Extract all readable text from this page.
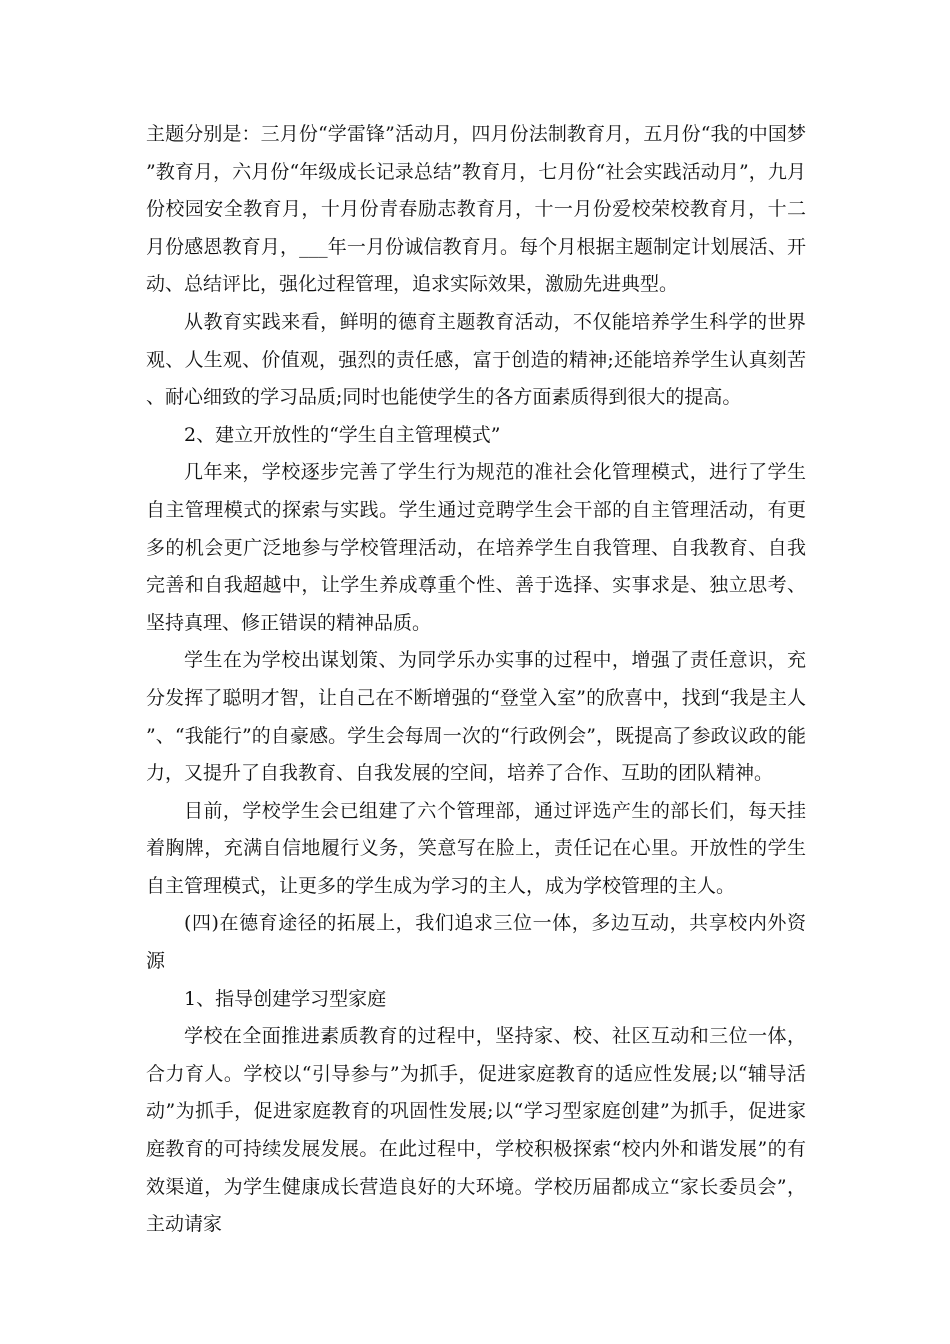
主题分别是：三月份“学雷锋”活动月，四月份法制教育月，五月份“我的中国梦”教育月，六月份“年级成长记录总结”教育月，七月份“社会实践活动月”，九月份校园安全教育月，十月份青春励志教育月，十一月份爱校荣校教育月，十二月份感恩教育月，___年一月份诚信教育月。每个月根据主题制定计划展活、开动、总结评比，强化过程管理，追求实际效果，激励先进典型。

从教育实践来看，鲜明的德育主题教育活动，不仅能培养学生科学的世界观、人生观、价值观，强烈的责任感，富于创造的精神;还能培养学生认真刻苦、耐心细致的学习品质;同时也能使学生的各方面素质得到很大的提高。

2、建立开放性的“学生自主管理模式”

几年来，学校逐步完善了学生行为规范的准社会化管理模式，进行了学生自主管理模式的探索与实践。学生通过竞聘学生会干部的自主管理活动，有更多的机会更广泛地参与学校管理活动，在培养学生自我管理、自我教育、自我完善和自我超越中，让学生养成尊重个性、善于选择、实事求是、独立思考、坚持真理、修正错误的精神品质。

学生在为学校出谋划策、为同学乐办实事的过程中，增强了责任意识，充分发挥了聪明才智，让自己在不断增强的“登堂入室”的欣喜中，找到“我是主人”、“我能行”的自豪感。学生会每周一次的“行政例会”，既提高了参政议政的能力，又提升了自我教育、自我发展的空间，培养了合作、互助的团队精神。

目前，学校学生会已组建了六个管理部，通过评选产生的部长们，每天挂着胸牌，充满自信地履行义务，笑意写在脸上，责任记在心里。开放性的学生自主管理模式，让更多的学生成为学习的主人，成为学校管理的主人。

(四)在德育途径的拓展上，我们追求三位一体，多边互动，共享校内外资源

1、指导创建学习型家庭

学校在全面推进素质教育的过程中，坚持家、校、社区互动和三位一体，合力育人。学校以“引导参与”为抓手，促进家庭教育的适应性发展;以“辅导活动”为抓手，促进家庭教育的巩固性发展;以“学习型家庭创建”为抓手，促进家庭教育的可持续发展发展。在此过程中，学校积极探索“校内外和谐发展”的有效渠道，为学生健康成长营造良好的大环境。学校历届都成立“家长委员会”，主动请家
